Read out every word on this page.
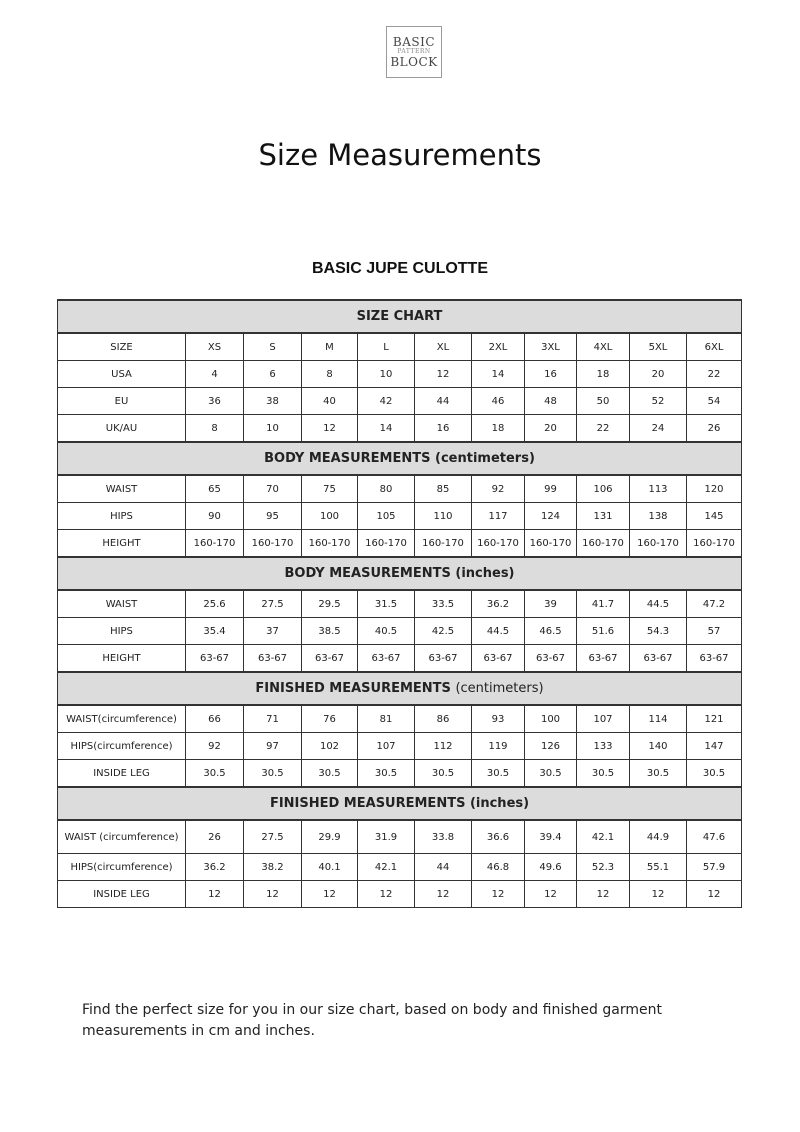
BASIC
PATTERN
BLOCK
Size Measurements
BASIC JUPE CULOTTE
SIZE CHART										
SIZE	XS	S	M	L	XL	2XL	3XL	4XL	5XL	6XL
USA	4	6	8	10	12	14	16	18	20	22
EU	36	38	40	42	44	46	48	50	52	54
UK/AU	8	10	12	14	16	18	20	22	24	26
BODY MEASUREMENTS (centimeters)										
WAIST	65	70	75	80	85	92	99	106	113	120
HIPS	90	95	100	105	110	117	124	131	138	145
HEIGHT	160-170	160-170	160-170	160-170	160-170	160-170	160-170	160-170	160-170	160-170
BODY MEASUREMENTS (inches)										
WAIST	25.6	27.5	29.5	31.5	33.5	36.2	39	41.7	44.5	47.2
HIPS	35.4	37	38.5	40.5	42.5	44.5	46.5	51.6	54.3	57
HEIGHT	63-67	63-67	63-67	63-67	63-67	63-67	63-67	63-67	63-67	63-67
FINISHED MEASUREMENTS (centimeters)										
WAIST(circumference)	66	71	76	81	86	93	100	107	114	121
HIPS(circumference)	92	97	102	107	112	119	126	133	140	147
INSIDE LEG	30.5	30.5	30.5	30.5	30.5	30.5	30.5	30.5	30.5	30.5
FINISHED MEASUREMENTS (inches)										
WAIST (circumference)	26	27.5	29.9	31.9	33.8	36.6	39.4	42.1	44.9	47.6
HIPS(circumference)	36.2	38.2	40.1	42.1	44	46.8	49.6	52.3	55.1	57.9
INSIDE LEG	12	12	12	12	12	12	12	12	12	12
Find the perfect size for you in our size chart, based on body and finished garment measurements in cm and inches.
